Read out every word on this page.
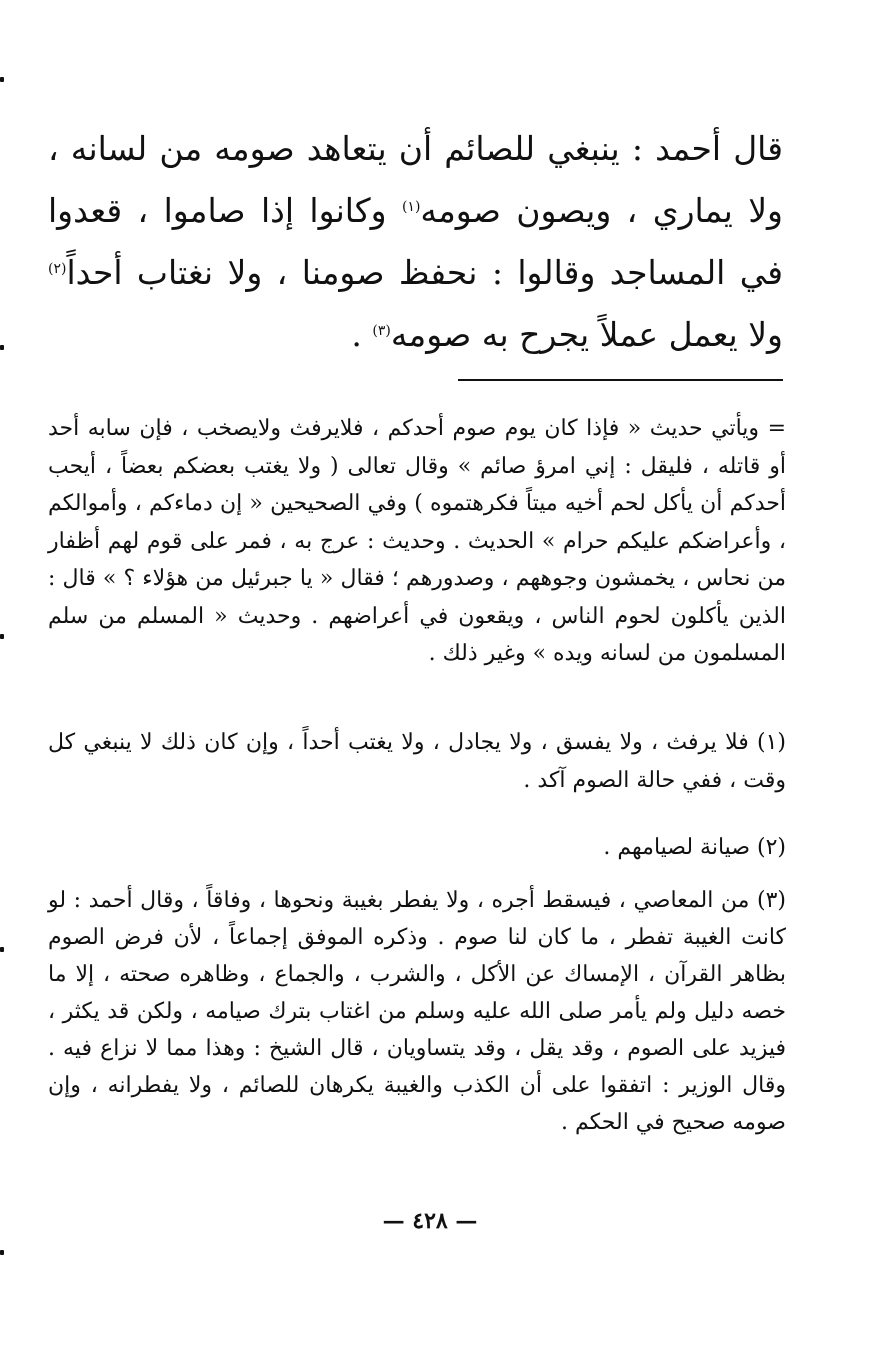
قال أحمد : ينبغي للصائم أن يتعاهد صومه من لسانه ، ولا يماري ، ويصون صومه$^{(١)}$ وكانوا إذا صاموا ، قعدوا في المساجد وقالوا : نحفظ صومنا ، ولا نغتاب أحداً$^{(٢)}$ ولا يعمل عملاً يجرح به صومه$^{(٣)}$ .

= ويأتي حديث « فإذا كان يوم صوم أحدكم ، فلايرفث ولايصخب ، فإن سابه أحد أو قاتله ، فليقل : إني امرؤ صائم » وقال تعالى ( ولا يغتب بعضكم بعضاً ، أيحب أحدكم أن يأكل لحم أخيه ميتاً فكرهتموه ) وفي الصحيحين « إن دماءكم ، وأموالكم ، وأعراضكم عليكم حرام » الحديث . وحديث : عرج به ، فمر على قوم لهم أظفار من نحاس ، يخمشون وجوههم ، وصدورهم ؛ فقال « يا جبرئيل من هؤلاء ؟ » قال : الذين يأكلون لحوم الناس ، ويقعون في أعراضهم . وحديث « المسلم من سلم المسلمون من لسانه ويده » وغير ذلك .

(١) فلا يرفث ، ولا يفسق ، ولا يجادل ، ولا يغتب أحداً ، وإن كان ذلك لا ينبغي كل وقت ، ففي حالة الصوم آكد .

(٢) صيانة لصيامهم .

(٣) من المعاصي ، فيسقط أجره ، ولا يفطر بغيبة ونحوها ، وفاقاً ، وقال أحمد : لو كانت الغيبة تفطر ، ما كان لنا صوم . وذكره الموفق إجماعاً ، لأن فرض الصوم بظاهر القرآن ، الإمساك عن الأكل ، والشرب ، والجماع ، وظاهره صحته ، إلا ما خصه دليل ولم يأمر صلى الله عليه وسلم من اغتاب بترك صيامه ، ولكن قد يكثر ، فيزيد على الصوم ، وقد يقل ، وقد يتساويان ، قال الشيخ : وهذا مما لا نزاع فيه . وقال الوزير : اتفقوا على أن الكذب والغيبة يكرهان للصائم ، ولا يفطرانه ، وإن صومه صحيح في الحكم .

— ٤٢٨ —
